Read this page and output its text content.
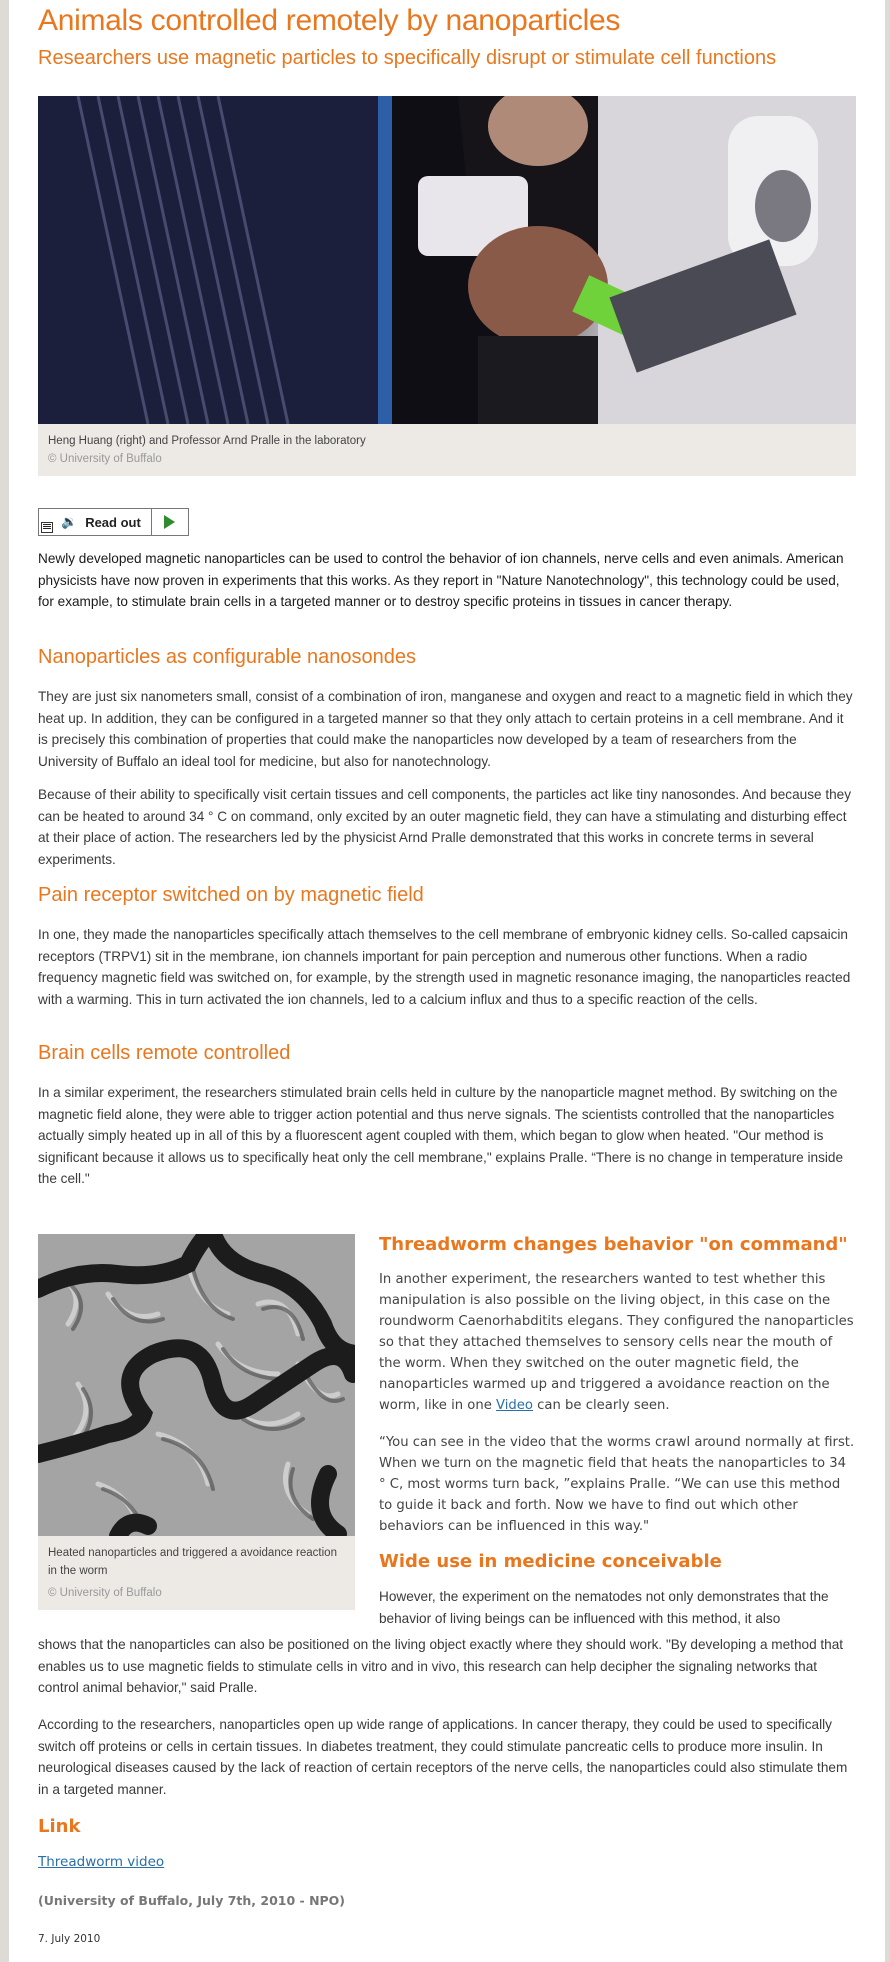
Animals controlled remotely by nanoparticles
Researchers use magnetic particles to specifically disrupt or stimulate cell functions
Heng Huang (right) and Professor Arnd Pralle in the laboratory
© University of Buffalo
🔉 Read out

Newly developed magnetic nanoparticles can be used to control the behavior of ion channels, nerve cells and even animals. American physicists have now proven in experiments that this works. As they report in "Nature Nanotechnology", this technology could be used, for example, to stimulate brain cells in a targeted manner or to destroy specific proteins in tissues in cancer therapy.

Nanoparticles as configurable nanosondes

They are just six nanometers small, consist of a combination of iron, manganese and oxygen and react to a magnetic field in which they heat up. In addition, they can be configured in a targeted manner so that they only attach to certain proteins in a cell membrane. And it is precisely this combination of properties that could make the nanoparticles now developed by a team of researchers from the University of Buffalo an ideal tool for medicine, but also for nanotechnology.

Because of their ability to specifically visit certain tissues and cell components, the particles act like tiny nanosondes. And because they can be heated to around 34 ° C on command, only excited by an outer magnetic field, they can have a stimulating and disturbing effect at their place of action. The researchers led by the physicist Arnd Pralle demonstrated that this works in concrete terms in several experiments.

Pain receptor switched on by magnetic field

In one, they made the nanoparticles specifically attach themselves to the cell membrane of embryonic kidney cells. So-called capsaicin receptors (TRPV1) sit in the membrane, ion channels important for pain perception and numerous other functions. When a radio frequency magnetic field was switched on, for example, by the strength used in magnetic resonance imaging, the nanoparticles reacted with a warming. This in turn activated the ion channels, led to a calcium influx and thus to a specific reaction of the cells.

Brain cells remote controlled

In a similar experiment, the researchers stimulated brain cells held in culture by the nanoparticle magnet method. By switching on the magnetic field alone, they were able to trigger action potential and thus nerve signals. The scientists controlled that the nanoparticles actually simply heated up in all of this by a fluorescent agent coupled with them, which began to glow when heated. "Our method is significant because it allows us to specifically heat only the cell membrane," explains Pralle. “There is no change in temperature inside the cell."

Heated nanoparticles and triggered a avoidance reaction in the worm
© University of Buffalo
Threadworm changes behavior "on command"

In another experiment, the researchers wanted to test whether this manipulation is also possible on the living object, in this case on the roundworm Caenorhabditits elegans. They configured the nanoparticles so that they attached themselves to sensory cells near the mouth of the worm. When they switched on the outer magnetic field, the nanoparticles warmed up and triggered a avoidance reaction on the worm, like in one Video can be clearly seen.

“You can see in the video that the worms crawl around normally at first. When we turn on the magnetic field that heats the nanoparticles to 34 ° C, most worms turn back, ”explains Pralle. “We can use this method to guide it back and forth. Now we have to find out which other behaviors can be influenced in this way."

Wide use in medicine conceivable

However, the experiment on the nematodes not only demonstrates that the behavior of living beings can be influenced with this method, it also

shows that the nanoparticles can also be positioned on the living object exactly where they should work. "By developing a method that enables us to use magnetic fields to stimulate cells in vitro and in vivo, this research can help decipher the signaling networks that control animal behavior," said Pralle.

According to the researchers, nanoparticles open up wide range of applications. In cancer therapy, they could be used to specifically switch off proteins or cells in certain tissues. In diabetes treatment, they could stimulate pancreatic cells to produce more insulin. In neurological diseases caused by the lack of reaction of certain receptors of the nerve cells, the nanoparticles could also stimulate them in a targeted manner.

Link
Threadworm video
(University of Buffalo, July 7th, 2010 - NPO)
7. July 2010
